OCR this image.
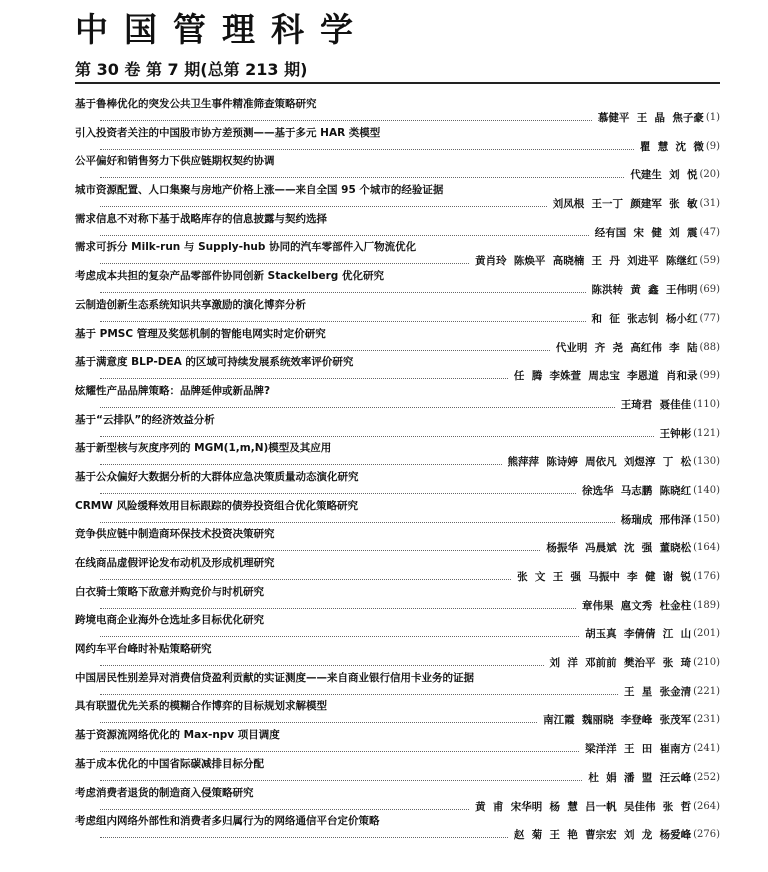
中国管理科学
第 30 卷 第 7 期(总第 213 期)
基于鲁棒优化的突发公共卫生事件精准筛查策略研究
慕健平  王  晶  焦子豪 (1)
引入投资者关注的中国股市协方差预测——基于多元 HAR 类模型
瞿  慧  沈  微 (9)
公平偏好和销售努力下供应链期权契约协调
代建生  刘  悦 (20)
城市资源配置、人口集聚与房地产价格上涨——来自全国 95 个城市的经验证据
刘凤根  王一丁  颜建军  张  敏 (31)
需求信息不对称下基于战略库存的信息披露与契约选择
经有国  宋  健  刘  震 (47)
需求可拆分 Milk-run 与 Supply-hub 协同的汽车零部件入厂物流优化
黄肖玲  陈焕平  高晓楠  王  丹  刘进平  陈继红 (59)
考虑成本共担的复杂产品零部件协同创新 Stackelberg 优化研究
陈洪转  黄  鑫  王伟明 (69)
云制造创新生态系统知识共享激励的演化博弈分析
和  征  张志钊  杨小红 (77)
基于 PMSC 管理及奖惩机制的智能电网实时定价研究
代业明  齐  尧  高红伟  李  陆 (88)
基于满意度 BLP-DEA 的区域可持续发展系统效率评价研究
任  腾  李姝萱  周忠宝  李恩道  肖和录 (99)
炫耀性产品品牌策略：品牌延伸或新品牌?
王琦君  聂佳佳 (110)
基于“云排队”的经济效益分析
王钟彬 (121)
基于新型核与灰度序列的 MGM(1,m,N)模型及其应用
熊萍萍  陈诗婷  周依凡  刘煜淳  丁  松 (130)
基于公众偏好大数据分析的大群体应急决策质量动态演化研究
徐选华  马志鹏  陈晓红 (140)
CRMW 风险缓释效用目标跟踪的债券投资组合优化策略研究
杨瑞成  邢伟泽 (150)
竞争供应链中制造商环保技术投资决策研究
杨振华  冯晨斌  沈  强  董晓松 (164)
在线商品虚假评论发布动机及形成机理研究
张  文  王  强  马振中  李  健  谢  锐 (176)
白衣骑士策略下敌意并购竞价与时机研究
章伟果  扈文秀  杜金柱 (189)
跨境电商企业海外仓选址多目标优化研究
胡玉真  李倩倩  江  山 (201)
网约车平台峰时补贴策略研究
刘  洋  邓前前  樊治平  张  琦 (210)
中国居民性别差异对消费信贷盈利贡献的实证测度——来自商业银行信用卡业务的证据
王  星  张金清 (221)
具有联盟优先关系的模糊合作博弈的目标规划求解模型
南江霞  魏丽晓  李登峰  张茂军 (231)
基于资源流网络优化的 Max-npv 项目调度
梁洋洋  王  田  崔南方 (241)
基于成本优化的中国省际碳减排目标分配
杜  娟  潘  盟  汪云峰 (252)
考虑消费者退货的制造商入侵策略研究
黄  甫  宋华明  杨  慧  吕一帆  吴佳伟  张  哲 (264)
考虑组内网络外部性和消费者多归属行为的网络通信平台定价策略
赵  菊  王  艳  曹宗宏  刘  龙  杨爱峰 (276)
